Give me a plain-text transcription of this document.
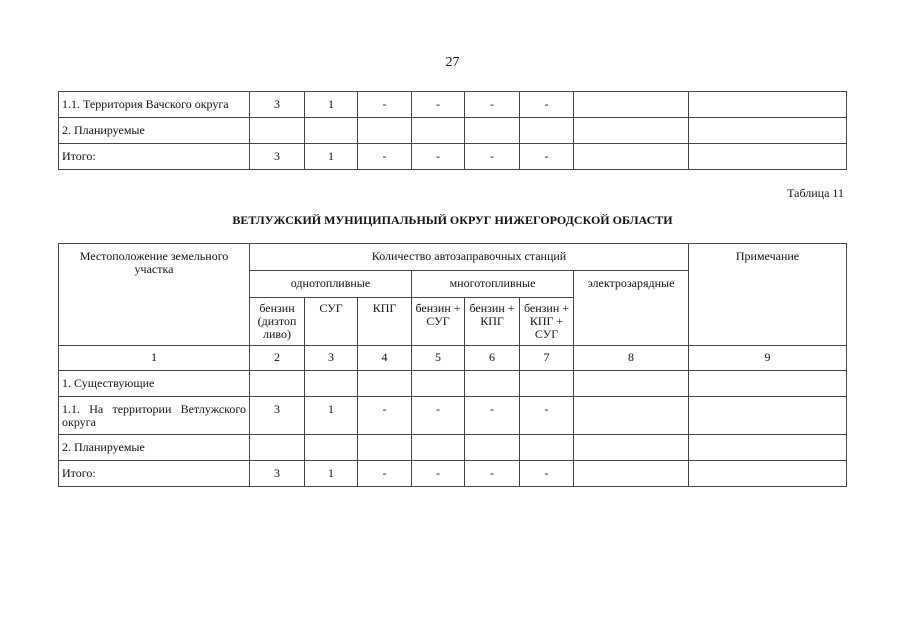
27
1.1. Территория Вачского округа	3	1	-	-	-	-		
2. Планируемые								
Итого:	3	1	-	-	-	-		
Таблица 11
ВЕТЛУЖСКИЙ МУНИЦИПАЛЬНЫЙ ОКРУГ НИЖЕГОРОДСКОЙ ОБЛАСТИ
Местоположение земельного участка	Количество автозаправочных станций							Примечание
	однотопливные			многотопливные			электрозарядные	
	бензин (дизтоп ливо)	СУГ	КПГ	бензин + СУГ	бензин + КПГ	бензин + КПГ + СУГ		
1	2	3	4	5	6	7	8	9
1. Существующие								
1.1. На территории Ветлужского округа	3	1	-	-	-	-		
2. Планируемые								
Итого:	3	1	-	-	-	-		
